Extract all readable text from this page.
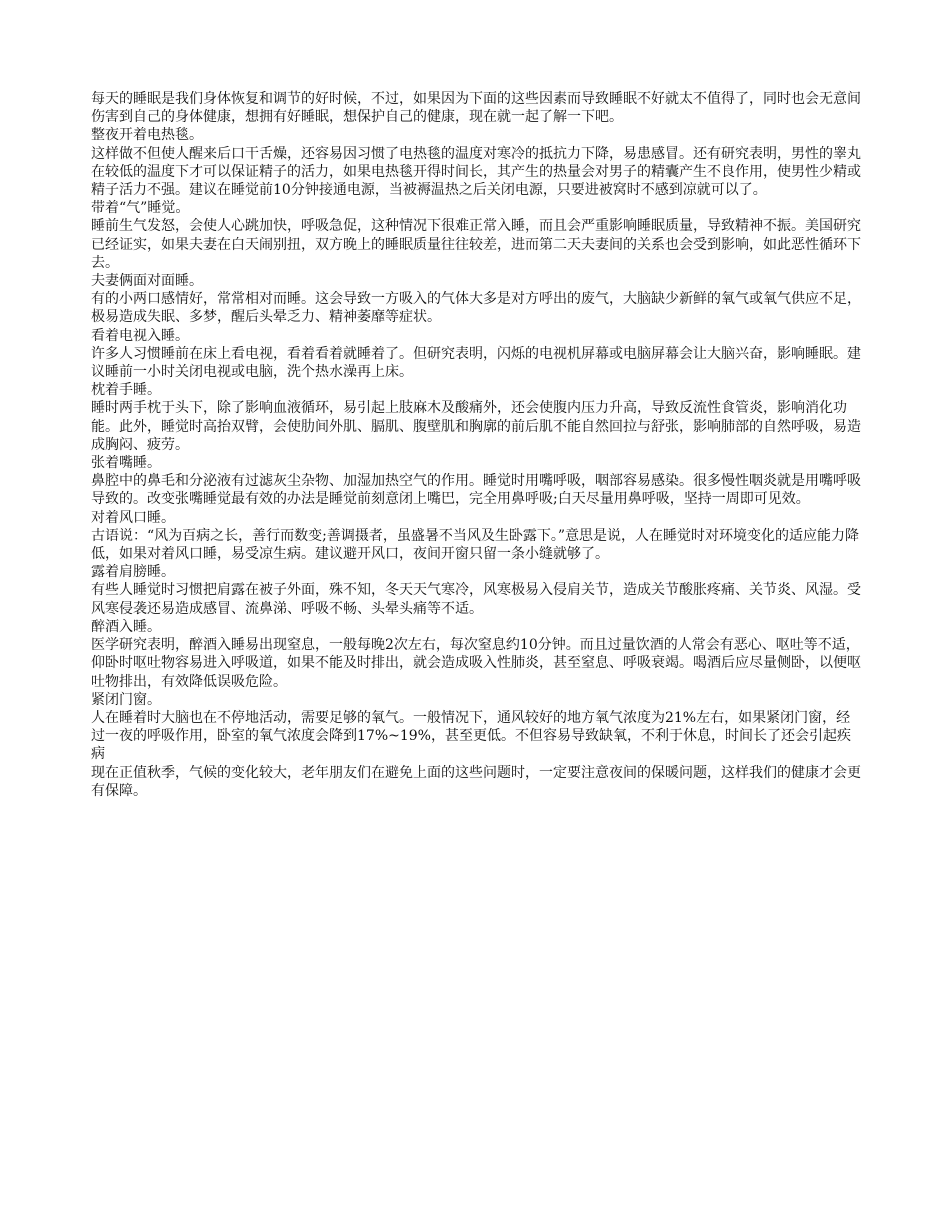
每天的睡眠是我们身体恢复和调节的好时候，不过，如果因为下面的这些因素而导致睡眠不好就太不值得了，同时也会无意间伤害到自己的身体健康，想拥有好睡眠，想保护自己的健康，现在就一起了解一下吧。

整夜开着电热毯。

这样做不但使人醒来后口干舌燥，还容易因习惯了电热毯的温度对寒冷的抵抗力下降，易患感冒。还有研究表明，男性的睾丸在较低的温度下才可以保证精子的活力，如果电热毯开得时间长，其产生的热量会对男子的精囊产生不良作用，使男性少精或精子活力不强。建议在睡觉前10分钟接通电源，当被褥温热之后关闭电源，只要进被窝时不感到凉就可以了。

带着“气”睡觉。

睡前生气发怒，会使人心跳加快，呼吸急促，这种情况下很难正常入睡，而且会严重影响睡眠质量，导致精神不振。美国研究已经证实，如果夫妻在白天闹别扭，双方晚上的睡眠质量往往较差，进而第二天夫妻间的关系也会受到影响，如此恶性循环下去。

夫妻俩面对面睡。

有的小两口感情好，常常相对而睡。这会导致一方吸入的气体大多是对方呼出的废气，大脑缺少新鲜的氧气或氧气供应不足，极易造成失眠、多梦，醒后头晕乏力、精神萎靡等症状。

看着电视入睡。

许多人习惯睡前在床上看电视，看着看着就睡着了。但研究表明，闪烁的电视机屏幕或电脑屏幕会让大脑兴奋，影响睡眠。建议睡前一小时关闭电视或电脑，洗个热水澡再上床。

枕着手睡。

睡时两手枕于头下，除了影响血液循环，易引起上肢麻木及酸痛外，还会使腹内压力升高，导致反流性食管炎，影响消化功能。此外，睡觉时高抬双臂，会使肋间外肌、膈肌、腹壁肌和胸廓的前后肌不能自然回拉与舒张，影响肺部的自然呼吸，易造成胸闷、疲劳。

张着嘴睡。

鼻腔中的鼻毛和分泌液有过滤灰尘杂物、加湿加热空气的作用。睡觉时用嘴呼吸，咽部容易感染。很多慢性咽炎就是用嘴呼吸导致的。改变张嘴睡觉最有效的办法是睡觉前刻意闭上嘴巴，完全用鼻呼吸;白天尽量用鼻呼吸，坚持一周即可见效。

对着风口睡。

古语说：“风为百病之长，善行而数变;善调摄者，虽盛暑不当风及生卧露下。”意思是说，人在睡觉时对环境变化的适应能力降低，如果对着风口睡，易受凉生病。建议避开风口，夜间开窗只留一条小缝就够了。

露着肩膀睡。

有些人睡觉时习惯把肩露在被子外面，殊不知，冬天天气寒冷，风寒极易入侵肩关节，造成关节酸胀疼痛、关节炎、风湿。受风寒侵袭还易造成感冒、流鼻涕、呼吸不畅、头晕头痛等不适。

醉酒入睡。

医学研究表明，醉酒入睡易出现窒息，一般每晚2次左右，每次窒息约10分钟。而且过量饮酒的人常会有恶心、呕吐等不适，仰卧时呕吐物容易进入呼吸道，如果不能及时排出，就会造成吸入性肺炎，甚至窒息、呼吸衰竭。喝酒后应尽量侧卧，以便呕吐物排出，有效降低误吸危险。

紧闭门窗。

人在睡着时大脑也在不停地活动，需要足够的氧气。一般情况下，通风较好的地方氧气浓度为21%左右，如果紧闭门窗，经过一夜的呼吸作用，卧室的氧气浓度会降到17%~19%，甚至更低。不但容易导致缺氧，不利于休息，时间长了还会引起疾病

现在正值秋季，气候的变化较大，老年朋友们在避免上面的这些问题时，一定要注意夜间的保暖问题，这样我们的健康才会更有保障。
